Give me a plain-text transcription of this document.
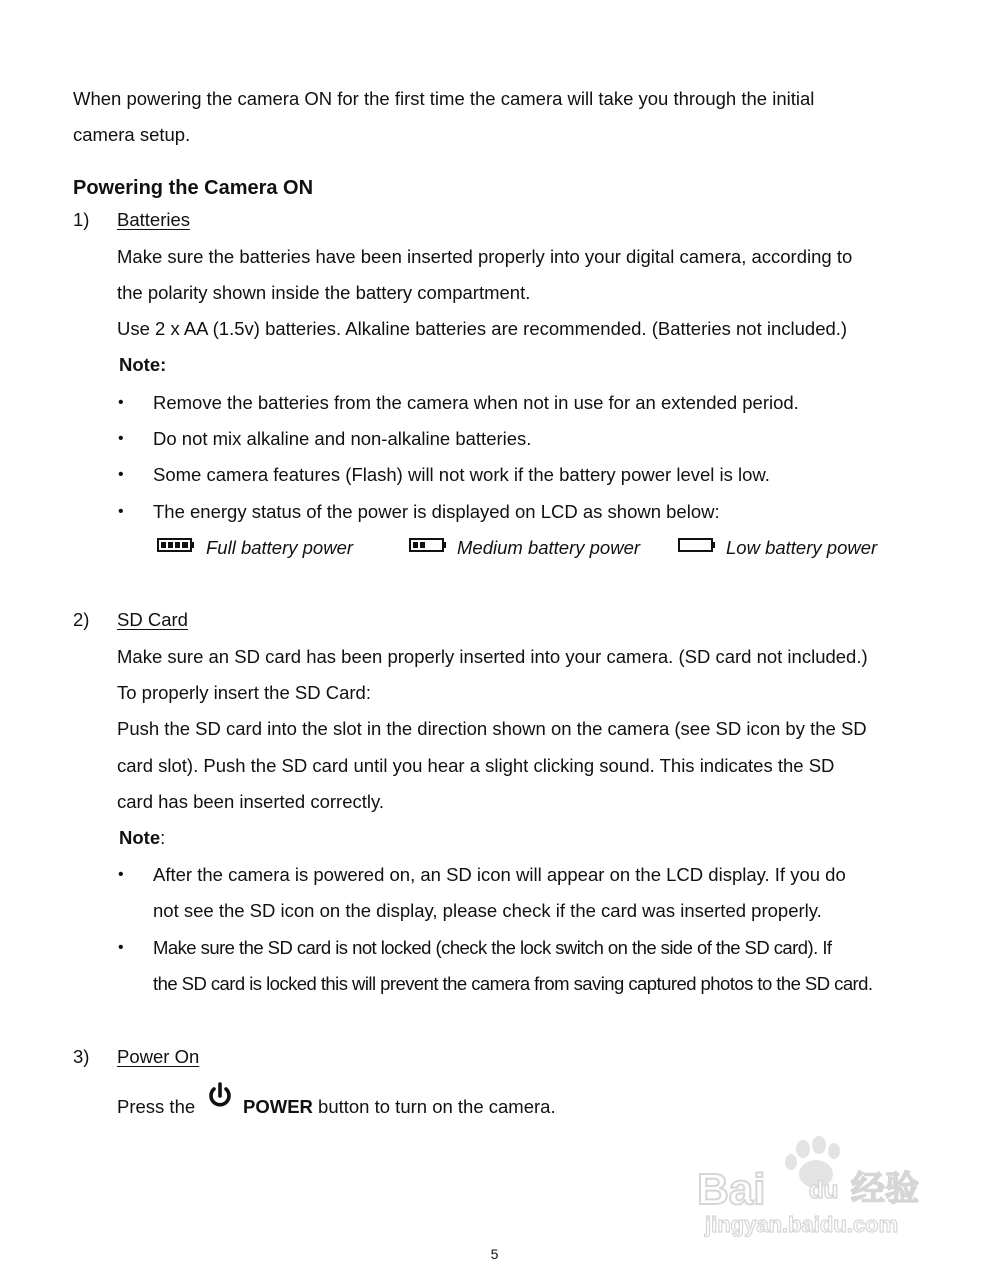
When powering the camera ON for the first time the camera will take you through the initial
camera setup.
Powering the Camera ON
1) Batteries
Make sure the batteries have been inserted properly into your digital camera, according to
the polarity shown inside the battery compartment.
Use 2 x AA (1.5v) batteries. Alkaline batteries are recommended. (Batteries not included.)
Note:
• Remove the batteries from the camera when not in use for an extended period.
• Do not mix alkaline and non-alkaline batteries.
• Some camera features (Flash) will not work if the battery power level is low.
• The energy status of the power is displayed on LCD as shown below:
Full battery power	Medium battery power	Low battery power
2) SD Card
Make sure an SD card has been properly inserted into your camera. (SD card not included.)
To properly insert the SD Card:
Push the SD card into the slot in the direction shown on the camera (see SD icon by the SD
card slot). Push the SD card until you hear a slight clicking sound. This indicates the SD
card has been inserted correctly.
Note:
• After the camera is powered on, an SD icon will appear on the LCD display. If you do
not see the SD icon on the display, please check if the card was inserted properly.
• Make sure the SD card is not locked (check the lock switch on the side of the SD card). If
the SD card is locked this will prevent the camera from saving captured photos to the SD card.
3) Power On
Press the	POWER button to turn on the camera.
Bai du 经验
jingyan.baidu.com
5
